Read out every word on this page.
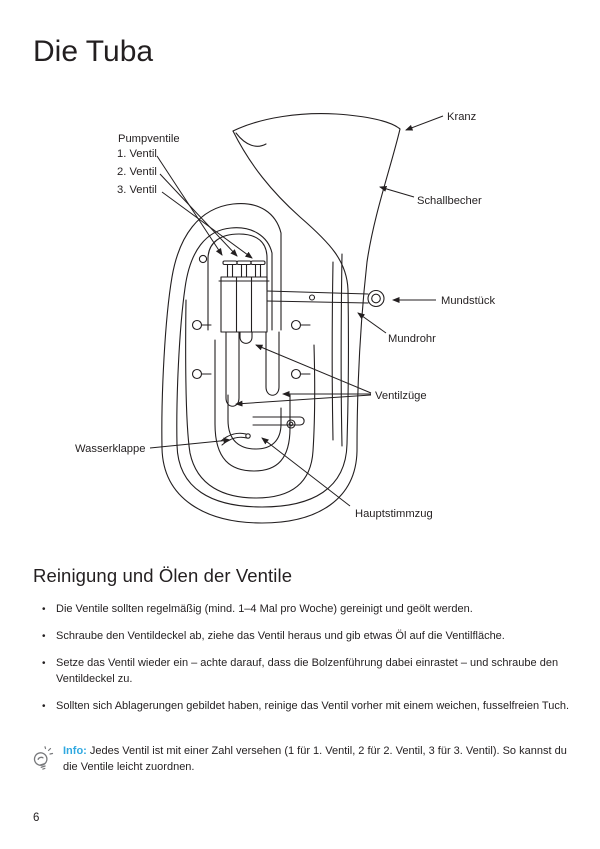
Die Tuba
Pumpventile
1. Ventil
2. Ventil
3. Ventil
Kranz
Schallbecher
Mundstück
Mundrohr
Ventilzüge
Wasserklappe
Hauptstimmzug
Reinigung und Ölen der Ventile
• Die Ventile sollten regelmäßig (mind. 1–4 Mal pro Woche) gereinigt und geölt werden.
• Schraube den Ventildeckel ab, ziehe das Ventil heraus und gib etwas Öl auf die Ventilfläche.
• Setze das Ventil wieder ein – achte darauf, dass die Bolzenführung dabei einrastet – und schraube den Ventildeckel zu.
• Sollten sich Ablagerungen gebildet haben, reinige das Ventil vorher mit einem weichen, fusselfreien Tuch.

Info: Jedes Ventil ist mit einer Zahl versehen (1 für 1. Ventil, 2 für 2. Ventil, 3 für 3. Ventil). So kannst du die Ventile leicht zuordnen.

6
